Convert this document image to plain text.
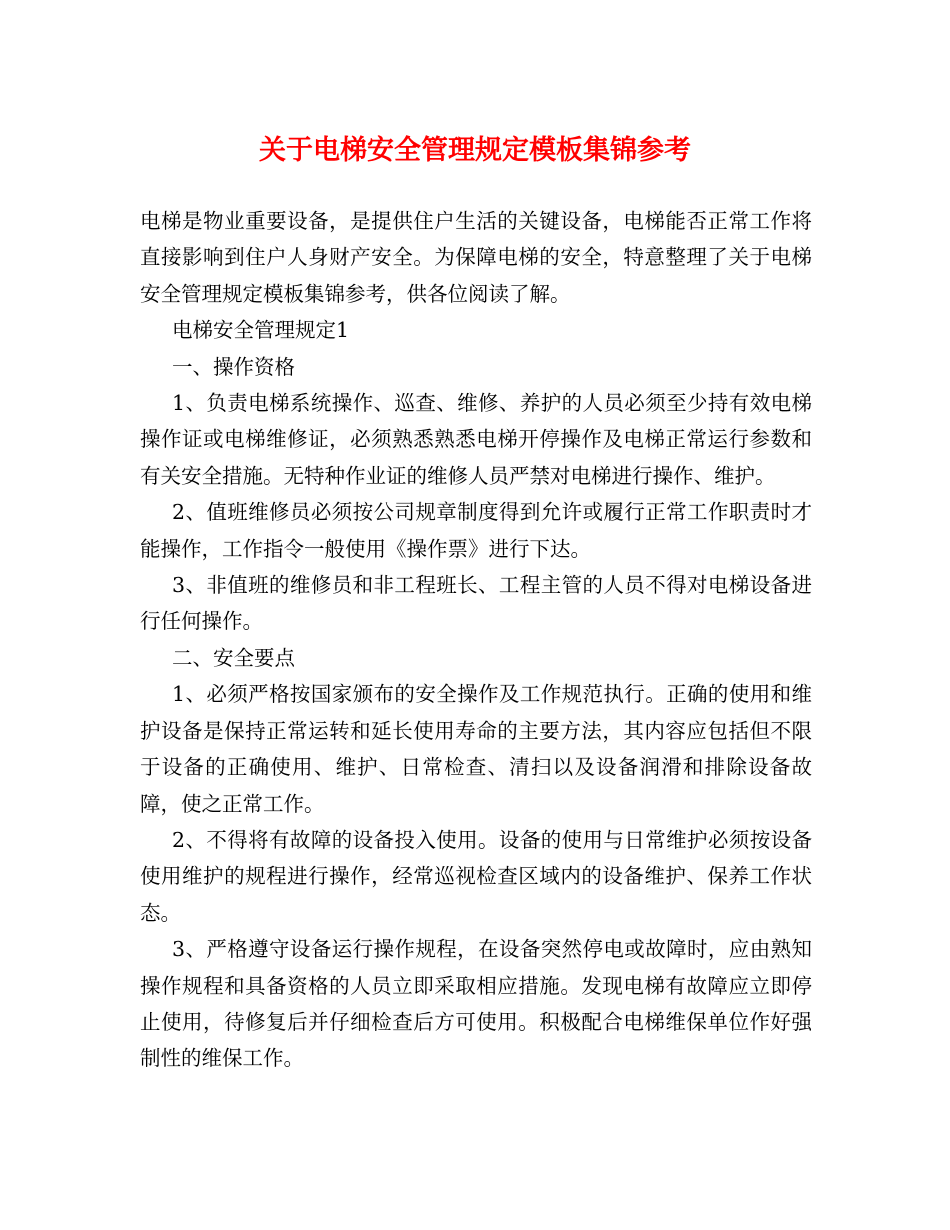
关于电梯安全管理规定模板集锦参考

电梯是物业重要设备，是提供住户生活的关键设备，电梯能否正常工作将直接影响到住户人身财产安全。为保障电梯的安全，特意整理了关于电梯安全管理规定模板集锦参考，供各位阅读了解。

电梯安全管理规定1

一、操作资格

1、负责电梯系统操作、巡查、维修、养护的人员必须至少持有效电梯操作证或电梯维修证，必须熟悉熟悉电梯开停操作及电梯正常运行参数和有关安全措施。无特种作业证的维修人员严禁对电梯进行操作、维护。

2、值班维修员必须按公司规章制度得到允许或履行正常工作职责时才能操作，工作指令一般使用《操作票》进行下达。

3、非值班的维修员和非工程班长、工程主管的人员不得对电梯设备进行任何操作。

二、安全要点

1、必须严格按国家颁布的安全操作及工作规范执行。正确的使用和维护设备是保持正常运转和延长使用寿命的主要方法，其内容应包括但不限于设备的正确使用、维护、日常检查、清扫以及设备润滑和排除设备故障，使之正常工作。

2、不得将有故障的设备投入使用。设备的使用与日常维护必须按设备使用维护的规程进行操作，经常巡视检查区域内的设备维护、保养工作状态。

3、严格遵守设备运行操作规程，在设备突然停电或故障时，应由熟知操作规程和具备资格的人员立即采取相应措施。发现电梯有故障应立即停止使用，待修复后并仔细检查后方可使用。积极配合电梯维保单位作好强制性的维保工作。
